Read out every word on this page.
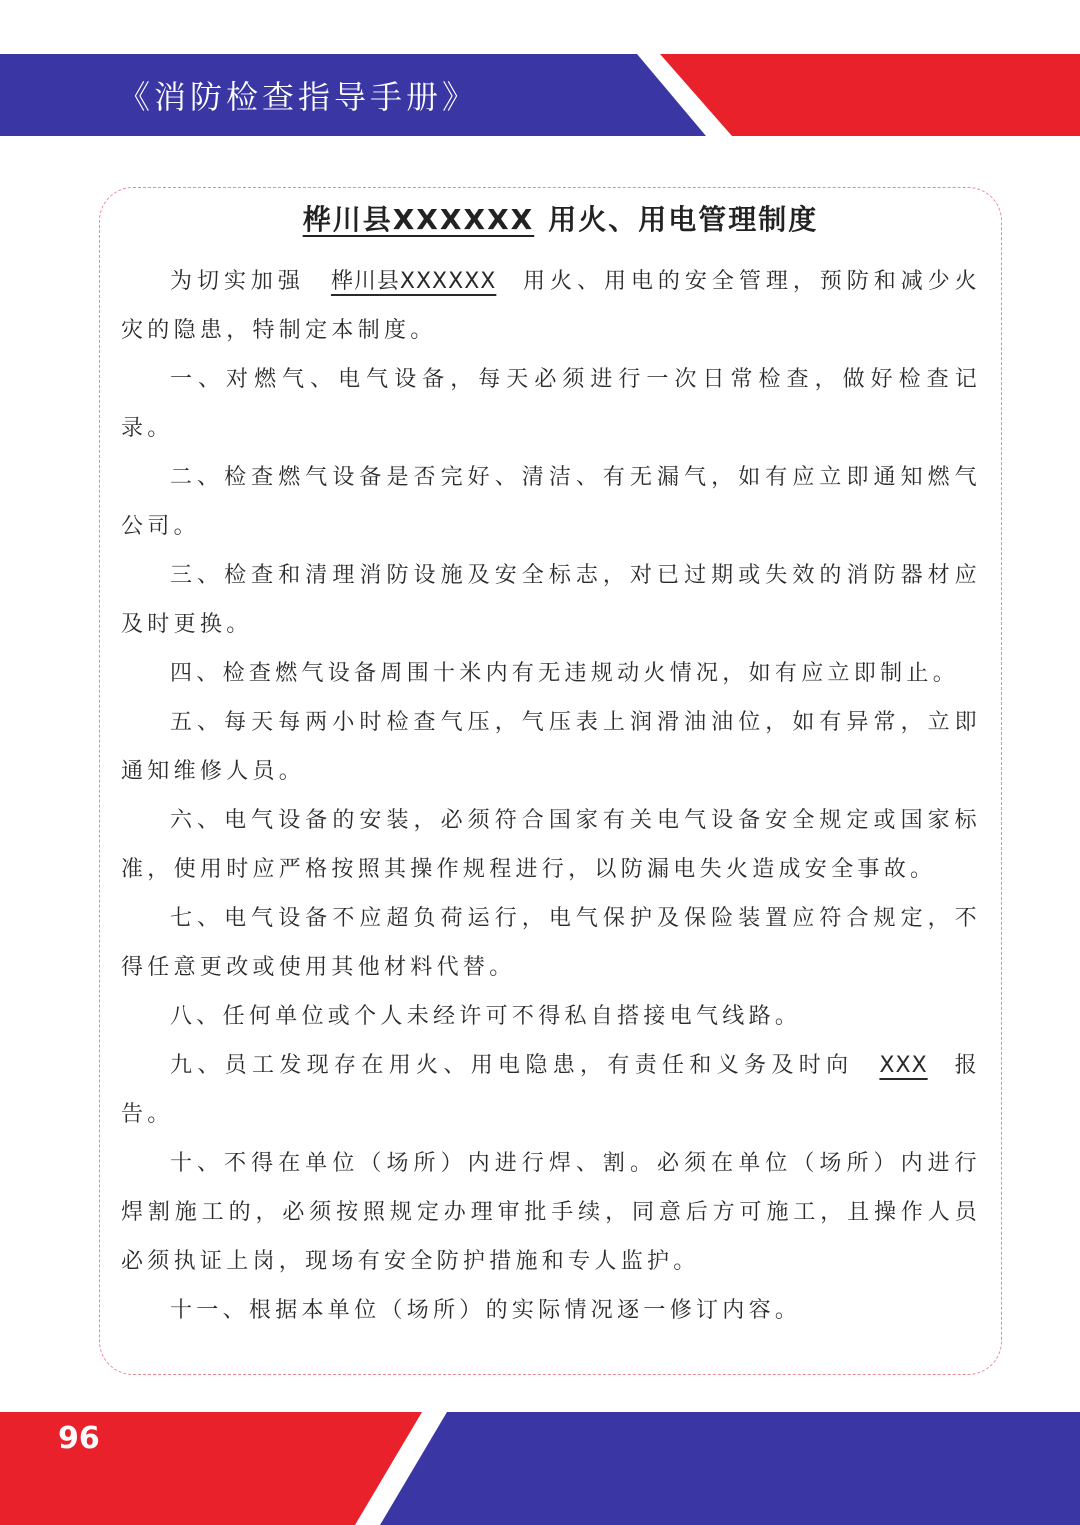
《消防检查指导手册》
桦川县XXXXXX 用火、用电管理制度

为切实加强 桦川县XXXXXX 用火、用电的安全管理，预防和减少火灾的隐患，特制定本制度。

一、对燃气、电气设备，每天必须进行一次日常检查，做好检查记录。

二、检查燃气设备是否完好、清洁、有无漏气，如有应立即通知燃气公司。

三、检查和清理消防设施及安全标志，对已过期或失效的消防器材应及时更换。

四、检查燃气设备周围十米内有无违规动火情况，如有应立即制止。

五、每天每两小时检查气压，气压表上润滑油油位，如有异常，立即通知维修人员。

六、电气设备的安装，必须符合国家有关电气设备安全规定或国家标准，使用时应严格按照其操作规程进行，以防漏电失火造成安全事故。

七、电气设备不应超负荷运行，电气保护及保险装置应符合规定，不得任意更改或使用其他材料代替。

八、任何单位或个人未经许可不得私自搭接电气线路。

九、员工发现存在用火、用电隐患，有责任和义务及时向 XXX 报告。

十、不得在单位（场所）内进行焊、割。必须在单位（场所）内进行焊割施工的，必须按照规定办理审批手续，同意后方可施工，且操作人员必须执证上岗，现场有安全防护措施和专人监护。

十一、根据本单位（场所）的实际情况逐一修订内容。

96
